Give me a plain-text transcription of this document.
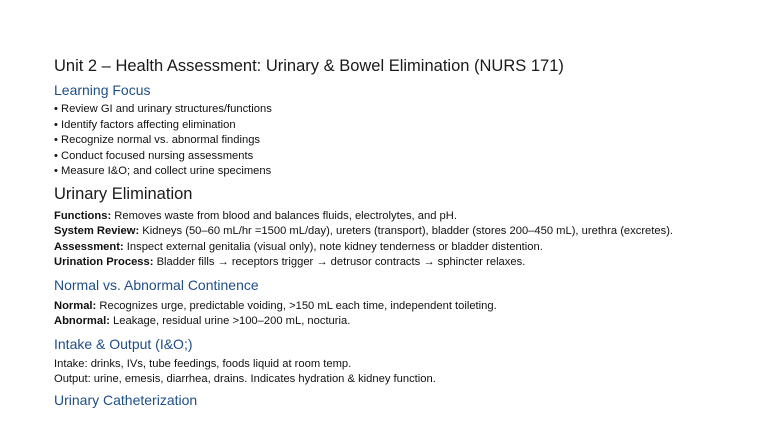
Unit 2 – Health Assessment: Urinary & Bowel Elimination (NURS 171)
Learning Focus
• Review GI and urinary structures/functions
• Identify factors affecting elimination
• Recognize normal vs. abnormal findings
• Conduct focused nursing assessments
• Measure I&O; and collect urine specimens
Urinary Elimination

Functions: Removes waste from blood and balances fluids, electrolytes, and pH.

System Review: Kidneys (50–60 mL/hr =1500 mL/day), ureters (transport), bladder (stores 200–450 mL), urethra (excretes).

Assessment: Inspect external genitalia (visual only), note kidney tenderness or bladder distention.

Urination Process: Bladder fills → receptors trigger → detrusor contracts → sphincter relaxes.

Normal vs. Abnormal Continence

Normal: Recognizes urge, predictable voiding, >150 mL each time, independent toileting.

Abnormal: Leakage, residual urine >100–200 mL, nocturia.

Intake & Output (I&O;)

Intake: drinks, IVs, tube feedings, foods liquid at room temp.

Output: urine, emesis, diarrhea, drains. Indicates hydration & kidney function.

Urinary Catheterization
